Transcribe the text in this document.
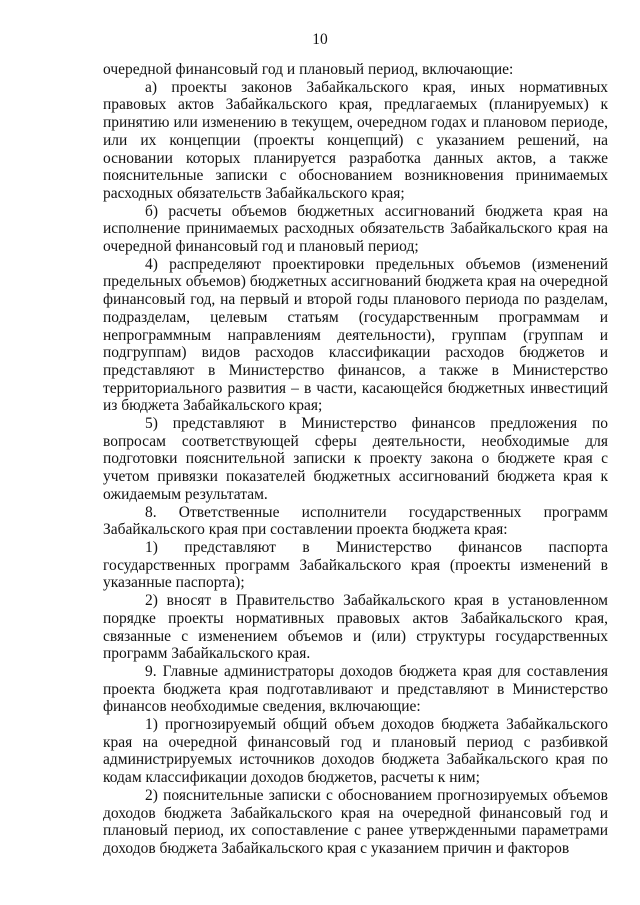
10

очередной финансовый год и плановый период, включающие:

а) проекты законов Забайкальского края, иных нормативных правовых актов Забайкальского края, предлагаемых (планируемых) к принятию или изменению в текущем, очередном годах и плановом периоде, или их концепции (проекты концепций) с указанием решений, на основании которых планируется разработка данных актов, а также пояснительные записки с обоснованием возникновения принимаемых расходных обязательств Забайкальского края;

б) расчеты объемов бюджетных ассигнований бюджета края на исполнение принимаемых расходных обязательств Забайкальского края на очередной финансовый год и плановый период;

4) распределяют проектировки предельных объемов (изменений предельных объемов) бюджетных ассигнований бюджета края на очередной финансовый год, на первый и второй годы планового периода по разделам, подразделам, целевым статьям (государственным программам и непрограммным направлениям деятельности), группам (группам и подгруппам) видов расходов классификации расходов бюджетов и представляют в Министерство финансов, а также в Министерство территориального развития – в части, касающейся бюджетных инвестиций из бюджета Забайкальского края;

5) представляют в Министерство финансов предложения по вопросам соответствующей сферы деятельности, необходимые для подготовки пояснительной записки к проекту закона о бюджете края с учетом привязки показателей бюджетных ассигнований бюджета края к ожидаемым результатам.

8. Ответственные исполнители государственных программ Забайкальского края при составлении проекта бюджета края:

1) представляют в Министерство финансов паспорта государственных программ Забайкальского края (проекты изменений в указанные паспорта);

2) вносят в Правительство Забайкальского края в установленном порядке проекты нормативных правовых актов Забайкальского края, связанные с изменением объемов и (или) структуры государственных программ Забайкальского края.

9. Главные администраторы доходов бюджета края для составления проекта бюджета края подготавливают и представляют в Министерство финансов необходимые сведения, включающие:

1) прогнозируемый общий объем доходов бюджета Забайкальского края на очередной финансовый год и плановый период с разбивкой администрируемых источников доходов бюджета Забайкальского края по кодам классификации доходов бюджетов, расчеты к ним;

2) пояснительные записки с обоснованием прогнозируемых объемов доходов бюджета Забайкальского края на очередной финансовый год и плановый период, их сопоставление с ранее утвержденными параметрами доходов бюджета Забайкальского края с указанием причин и факторов
